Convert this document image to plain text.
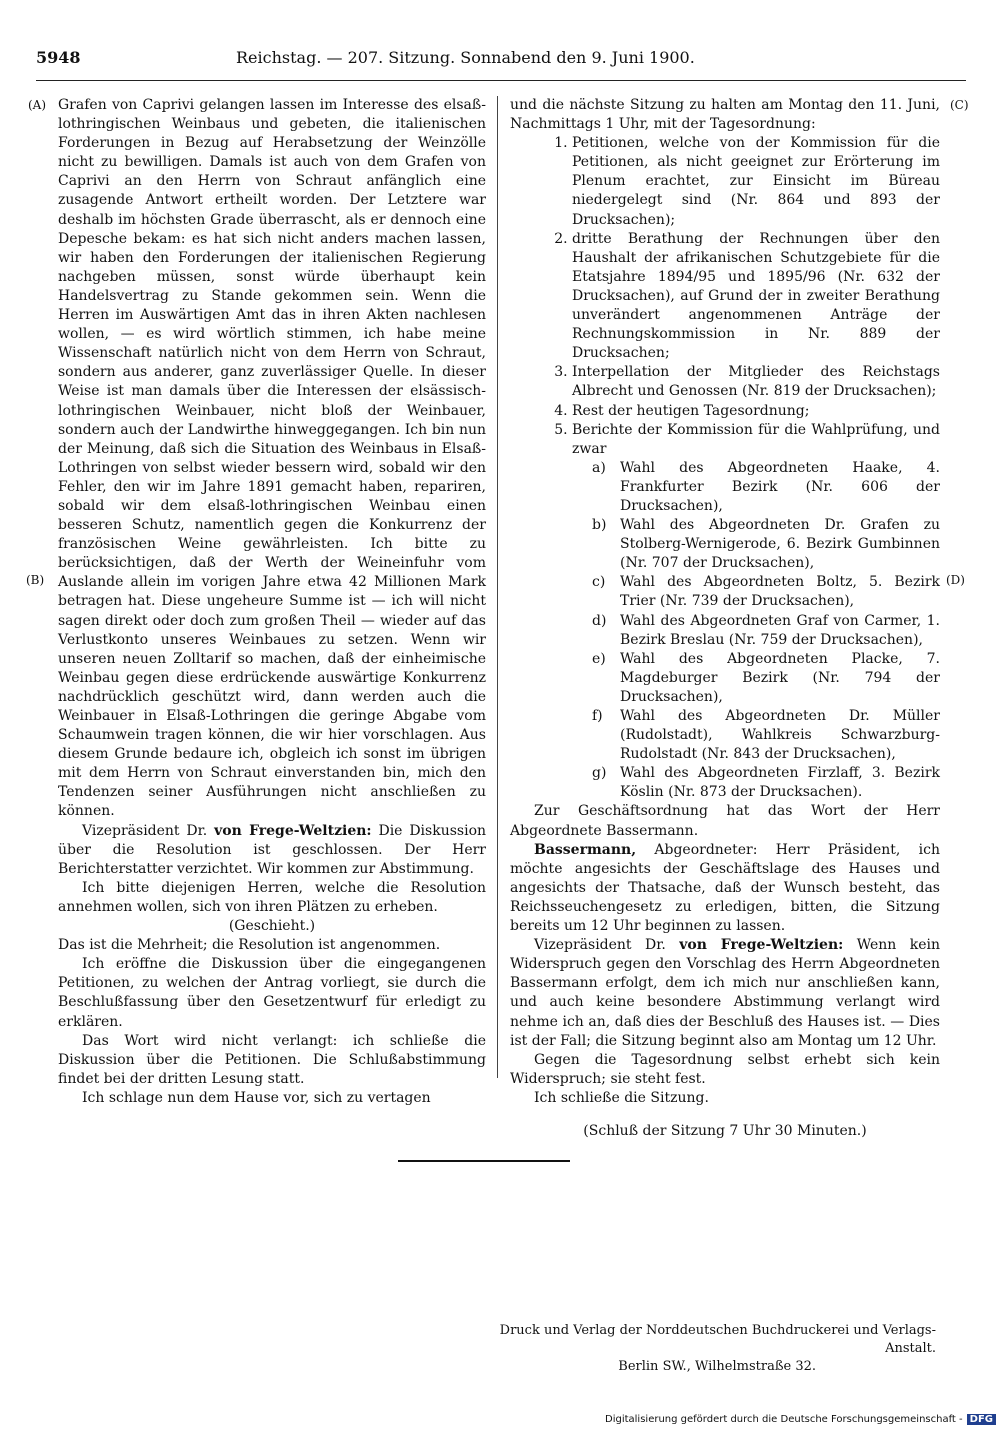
5948	Reichstag. — 207. Sitzung. Sonnabend den 9. Juni 1900.
(A)
(B)
(C)
(D)

Grafen von Caprivi gelangen lassen im Interesse des elsaß-lothringischen Weinbaus und gebeten, die italienischen Forderungen in Bezug auf Herabsetzung der Weinzölle nicht zu bewilligen. Damals ist auch von dem Grafen von Caprivi an den Herrn von Schraut anfänglich eine zusagende Antwort ertheilt worden. Der Letztere war deshalb im höchsten Grade überrascht, als er dennoch eine Depesche bekam: es hat sich nicht anders machen lassen, wir haben den Forderungen der italienischen Regierung nachgeben müssen, sonst würde überhaupt kein Handelsvertrag zu Stande gekommen sein. Wenn die Herren im Auswärtigen Amt das in ihren Akten nachlesen wollen, — es wird wörtlich stimmen, ich habe meine Wissenschaft natürlich nicht von dem Herrn von Schraut, sondern aus anderer, ganz zuverlässiger Quelle. In dieser Weise ist man damals über die Interessen der elsässisch-lothringischen Weinbauer, nicht bloß der Weinbauer, sondern auch der Landwirthe hinweggegangen. Ich bin nun der Meinung, daß sich die Situation des Weinbaus in Elsaß-Lothringen von selbst wieder bessern wird, sobald wir den Fehler, den wir im Jahre 1891 gemacht haben, repariren, sobald wir dem elsaß-lothringischen Weinbau einen besseren Schutz, namentlich gegen die Konkurrenz der französischen Weine gewährleisten. Ich bitte zu berücksichtigen, daß der Werth der Weineinfuhr vom Auslande allein im vorigen Jahre etwa 42 Millionen Mark betragen hat. Diese ungeheure Summe ist — ich will nicht sagen direkt oder doch zum großen Theil — wieder auf das Verlustkonto unseres Weinbaues zu setzen. Wenn wir unseren neuen Zolltarif so machen, daß der einheimische Weinbau gegen diese erdrückende auswärtige Konkurrenz nachdrücklich geschützt wird, dann werden auch die Weinbauer in Elsaß-Lothringen die geringe Abgabe vom Schaumwein tragen können, die wir hier vorschlagen. Aus diesem Grunde bedaure ich, obgleich ich sonst im übrigen mit dem Herrn von Schraut einverstanden bin, mich den Tendenzen seiner Ausführungen nicht anschließen zu können.

Vizepräsident Dr. von Frege-Weltzien: Die Diskussion über die Resolution ist geschlossen. Der Herr Berichterstatter verzichtet. Wir kommen zur Abstimmung.

Ich bitte diejenigen Herren, welche die Resolution annehmen wollen, sich von ihren Plätzen zu erheben.

(Geschieht.)

Das ist die Mehrheit; die Resolution ist angenommen.

Ich eröffne die Diskussion über die eingegangenen Petitionen, zu welchen der Antrag vorliegt, sie durch die Beschlußfassung über den Gesetzentwurf für erledigt zu erklären.

Das Wort wird nicht verlangt: ich schließe die Diskussion über die Petitionen. Die Schlußabstimmung findet bei der dritten Lesung statt.

Ich schlage nun dem Hause vor, sich zu vertagen

und die nächste Sitzung zu halten am Montag den 11. Juni, Nachmittags 1 Uhr, mit der Tagesordnung:

1. Petitionen, welche von der Kommission für die Petitionen, als nicht geeignet zur Erörterung im Plenum erachtet, zur Einsicht im Büreau niedergelegt sind (Nr. 864 und 893 der Drucksachen);
2. dritte Berathung der Rechnungen über den Haushalt der afrikanischen Schutzgebiete für die Etatsjahre 1894/95 und 1895/96 (Nr. 632 der Drucksachen), auf Grund der in zweiter Berathung unverändert angenommenen Anträge der Rechnungskommission in Nr. 889 der Drucksachen;
3. Interpellation der Mitglieder des Reichstags Albrecht und Genossen (Nr. 819 der Drucksachen);
4. Rest der heutigen Tagesordnung;
5. Berichte der Kommission für die Wahlprüfung, und zwar
a) Wahl des Abgeordneten Haake, 4. Frankfurter Bezirk (Nr. 606 der Drucksachen),
b) Wahl des Abgeordneten Dr. Grafen zu Stolberg-Wernigerode, 6. Bezirk Gumbinnen (Nr. 707 der Drucksachen),
c) Wahl des Abgeordneten Boltz, 5. Bezirk Trier (Nr. 739 der Drucksachen),
d) Wahl des Abgeordneten Graf von Carmer, 1. Bezirk Breslau (Nr. 759 der Drucksachen),
e) Wahl des Abgeordneten Placke, 7. Magdeburger Bezirk (Nr. 794 der Drucksachen),
f) Wahl des Abgeordneten Dr. Müller (Rudolstadt), Wahlkreis Schwarzburg-Rudolstadt (Nr. 843 der Drucksachen),
g) Wahl des Abgeordneten Firzlaff, 3. Bezirk Köslin (Nr. 873 der Drucksachen).

Zur Geschäftsordnung hat das Wort der Herr Abgeordnete Bassermann.

Bassermann, Abgeordneter: Herr Präsident, ich möchte angesichts der Geschäftslage des Hauses und angesichts der Thatsache, daß der Wunsch besteht, das Reichsseuchengesetz zu erledigen, bitten, die Sitzung bereits um 12 Uhr beginnen zu lassen.

Vizepräsident Dr. von Frege-Weltzien: Wenn kein Widerspruch gegen den Vorschlag des Herrn Abgeordneten Bassermann erfolgt, dem ich mich nur anschließen kann, und auch keine besondere Abstimmung verlangt wird nehme ich an, daß dies der Beschluß des Hauses ist. — Dies ist der Fall; die Sitzung beginnt also am Montag um 12 Uhr.

Gegen die Tagesordnung selbst erhebt sich kein Widerspruch; sie steht fest.

Ich schließe die Sitzung.

(Schluß der Sitzung 7 Uhr 30 Minuten.)

Druck und Verlag der Norddeutschen Buchdruckerei und Verlags-Anstalt.
Berlin SW., Wilhelmstraße 32.
Digitalisierung gefördert durch die Deutsche Forschungsgemeinschaft - DFG
